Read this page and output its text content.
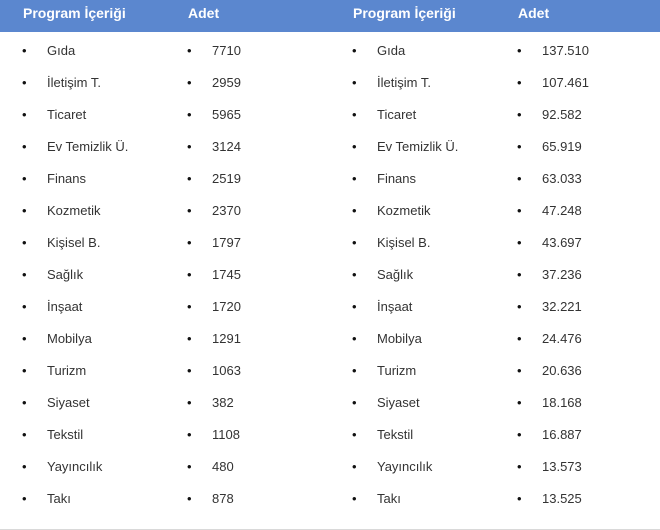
Program İçeriği	Adet	Program İçeriği	Adet
• Gıda	• 7710	• Gıda	• 137.510
• İletişim T.	• 2959	• İletişim T.	• 107.461
• Ticaret	• 5965	• Ticaret	• 92.582
• Ev Temizlik Ü.	• 3124	• Ev Temizlik Ü.	• 65.919
• Finans	• 2519	• Finans	• 63.033
• Kozmetik	• 2370	• Kozmetik	• 47.248
• Kişisel B.	• 1797	• Kişisel B.	• 43.697
• Sağlık	• 1745	• Sağlık	• 37.236
• İnşaat	• 1720	• İnşaat	• 32.221
• Mobilya	• 1291	• Mobilya	• 24.476
• Turizm	• 1063	• Turizm	• 20.636
• Siyaset	• 382	• Siyaset	• 18.168
• Tekstil	• 1108	• Tekstil	• 16.887
• Yayıncılık	• 480	• Yayıncılık	• 13.573
• Takı	• 878	• Takı	• 13.525
